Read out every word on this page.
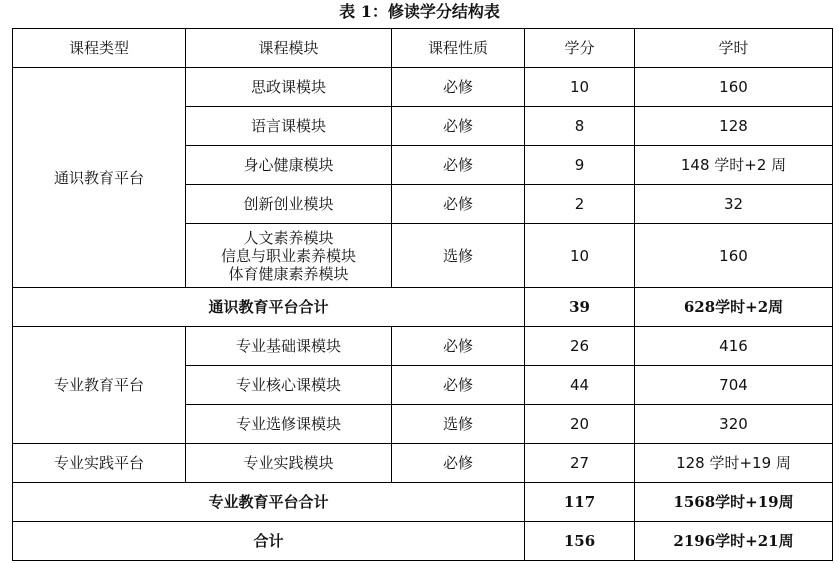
表 1：修读学分结构表
课程类型	课程模块	课程性质	学分	学时
通识教育平台	思政课模块	必修	10	160
	语言课模块	必修	8	128
	身心健康模块	必修	9	148 学时+2 周
	创新创业模块	必修	2	32

	人文素养模块
信息与职业素养模块
体育健康素养模块	选修	10	160
通识教育平台合计			39	628学时+2周
专业教育平台	专业基础课模块	必修	26	416
	专业核心课模块	必修	44	704
	专业选修课模块	选修	20	320
专业实践平台	专业实践模块	必修	27	128 学时+19 周
专业教育平台合计			117	1568学时+19周
合计			156	2196学时+21周
